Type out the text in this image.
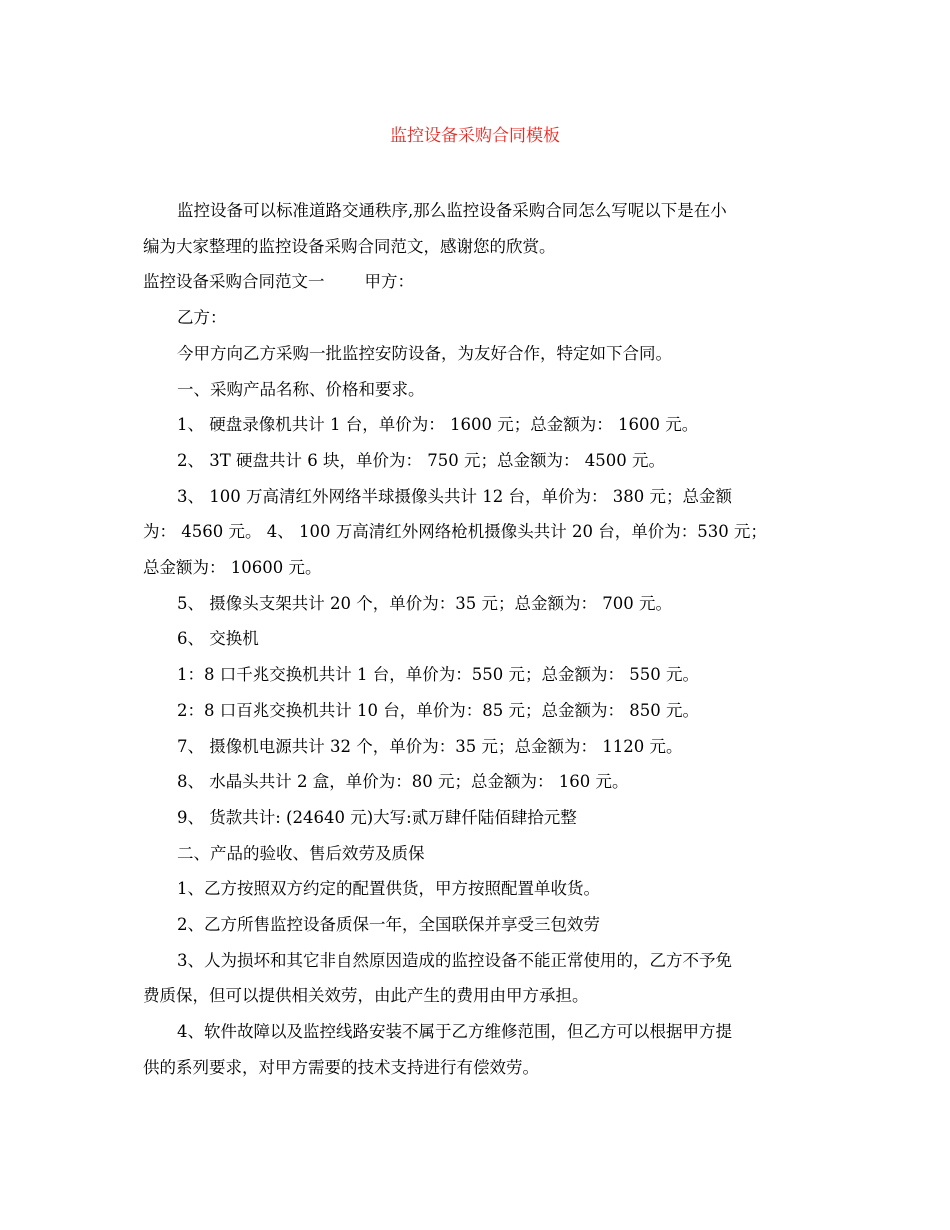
监控设备采购合同模板

监控设备可以标准道路交通秩序,那么监控设备采购合同怎么写呢以下是在小

编为大家整理的监控设备采购合同范文，感谢您的欣赏。

监控设备采购合同范文一 甲方：

乙方：

今甲方向乙方采购一批监控安防设备，为友好合作，特定如下合同。

一、采购产品名称、价格和要求。

1、 硬盘录像机共计 1 台，单价为： 1600 元；总金额为： 1600 元。

2、 3T 硬盘共计 6 块，单价为： 750 元；总金额为： 4500 元。

3、 100 万高清红外网络半球摄像头共计 12 台，单价为： 380 元；总金额

为： 4560 元。 4、 100 万高清红外网络枪机摄像头共计 20 台，单价为：530 元；

总金额为： 10600 元。

5、 摄像头支架共计 20 个，单价为：35 元；总金额为： 700 元。

6、 交换机

1：8 口千兆交换机共计 1 台，单价为：550 元；总金额为： 550 元。

2：8 口百兆交换机共计 10 台，单价为：85 元；总金额为： 850 元。

7、 摄像机电源共计 32 个，单价为：35 元；总金额为： 1120 元。

8、 水晶头共计 2 盒，单价为：80 元；总金额为： 160 元。

9、 货款共计: (24640 元)大写:贰万肆仟陆佰肆拾元整

二、产品的验收、售后效劳及质保

1、乙方按照双方约定的配置供货，甲方按照配置单收货。

2、乙方所售监控设备质保一年，全国联保并享受三包效劳

3、人为损坏和其它非自然原因造成的监控设备不能正常使用的，乙方不予免

费质保，但可以提供相关效劳，由此产生的费用由甲方承担。

4、软件故障以及监控线路安装不属于乙方维修范围，但乙方可以根据甲方提

供的系列要求，对甲方需要的技术支持进行有偿效劳。
